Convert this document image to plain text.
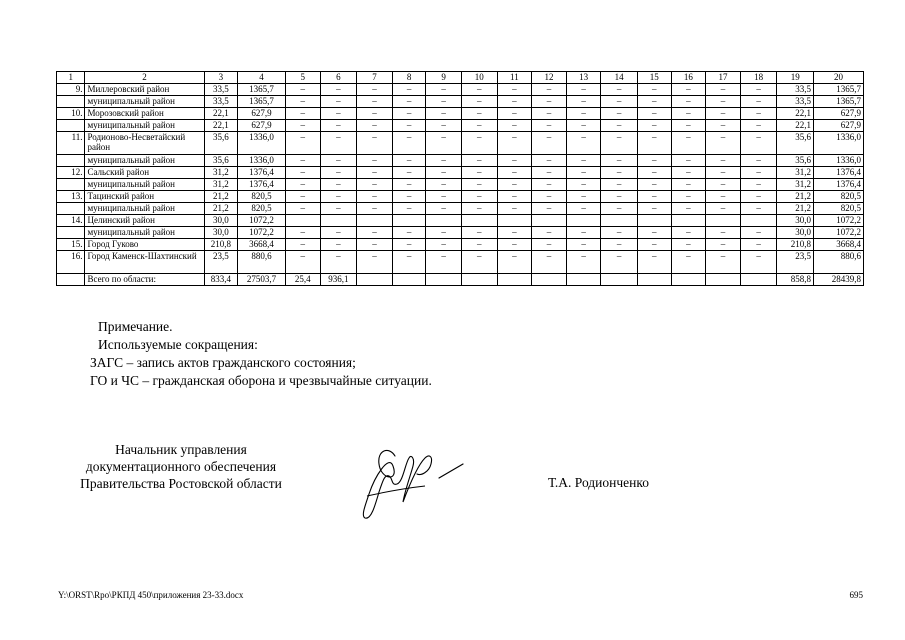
1	2	3	4	5	6	7	8	9	10	11	12	13	14	15	16	17	18	19	20
9.	Миллеровский район	33,5	1365,7	–	–	–	–	–	–	–	–	–	–	–	–	–	–	33,5	1365,7
	муниципальный район	33,5	1365,7	–	–	–	–	–	–	–	–	–	–	–	–	–	–	33,5	1365,7
10.	Морозовский район	22,1	627,9	–	–	–	–	–	–	–	–	–	–	–	–	–	–	22,1	627,9
	муниципальный район	22,1	627,9	–	–	–	–	–	–	–	–	–	–	–	–	–	–	22,1	627,9
11.	Родионово-Несветайский район	35,6	1336,0	–	–	–	–	–	–	–	–	–	–	–	–	–	–	35,6	1336,0
	муниципальный район	35,6	1336,0	–	–	–	–	–	–	–	–	–	–	–	–	–	–	35,6	1336,0
12.	Сальский район	31,2	1376,4	–	–	–	–	–	–	–	–	–	–	–	–	–	–	31,2	1376,4
	муниципальный район	31,2	1376,4	–	–	–	–	–	–	–	–	–	–	–	–	–	–	31,2	1376,4
13.	Тацинский район	21,2	820,5	–	–	–	–	–	–	–	–	–	–	–	–	–	–	21,2	820,5
	муниципальный район	21,2	820,5	–	–	–	–	–	–	–	–	–	–	–	–	–	–	21,2	820,5
14.	Целинский район	30,0	1072,2															30,0	1072,2
	муниципальный район	30,0	1072,2	–	–	–	–	–	–	–	–	–	–	–	–	–	–	30,0	1072,2
15.	Город Гуково	210,8	3668,4	–	–	–	–	–	–	–	–	–	–	–	–	–	–	210,8	3668,4
16.	Город Каменск-Шахтинский	23,5	880,6	–	–	–	–	–	–	–	–	–	–	–	–	–	–	23,5	880,6
	Всего по области:	833,4	27503,7	25,4	936,1													858,8	28439,8
Примечание.
Используемые сокращения:
ЗАГС – запись актов гражданского состояния;
ГО и ЧС – гражданская оборона и чрезвычайные ситуации.
Начальник управления
документационного обеспечения
Правительства Ростовской области	Т.А. Родионченко
Y:\ORST\Rpo\РКПД 450\приложения 23-33.docx	695
